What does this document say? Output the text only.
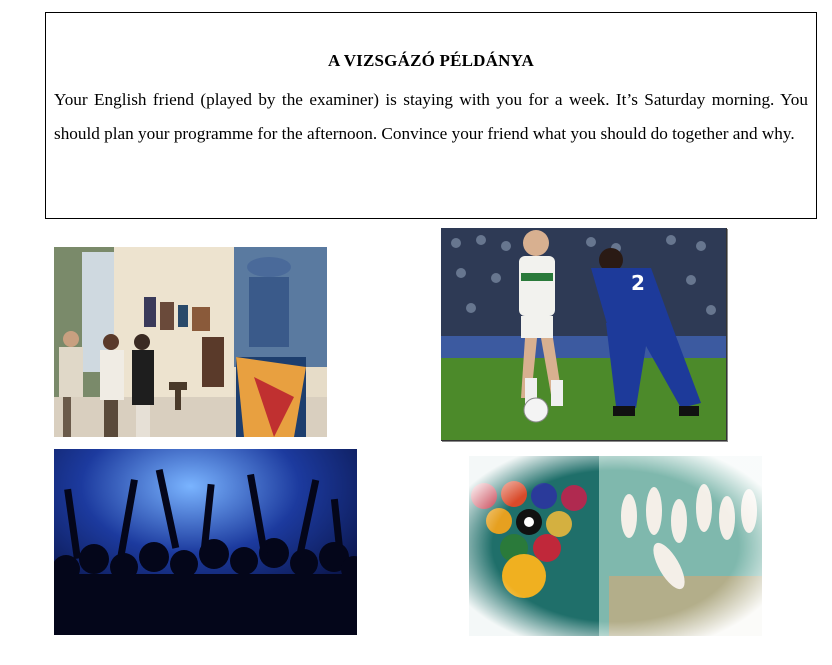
A VIZSGÁZÓ PÉLDÁNYA
Your English friend (played by the examiner) is staying with you for a week. It’s Saturday morning. You should plan your programme for the afternoon. Convince your friend what you should do together and why.
2
